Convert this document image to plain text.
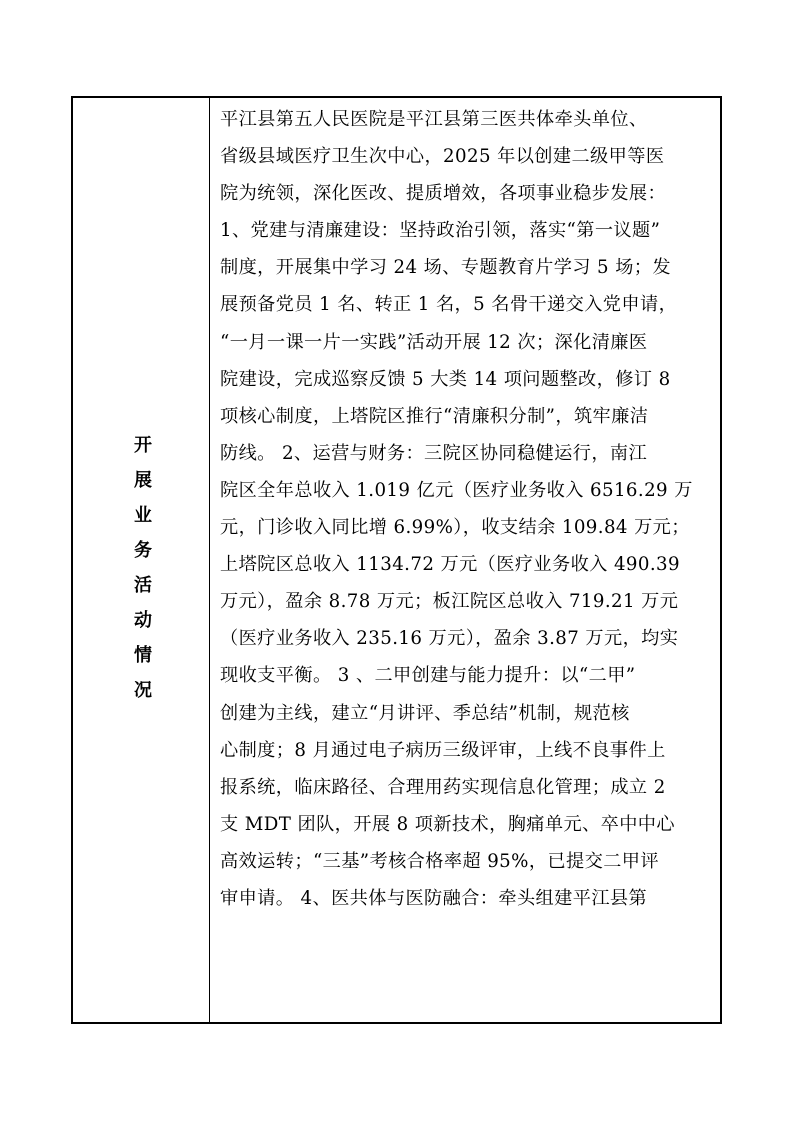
开展业务活动情况
平江县第五人民医院是平江县第三医共体牵头单位、
省级县域医疗卫生次中心，2025 年以创建二级甲等医
院为统领，深化医改、提质增效，各项事业稳步发展：
1、党建与清廉建设：坚持政治引领，落实“第一议题”
制度，开展集中学习 24 场、专题教育片学习 5 场；发
展预备党员 1 名、转正 1 名，5 名骨干递交入党申请，
“一月一课一片一实践”活动开展 12 次；深化清廉医
院建设，完成巡察反馈 5 大类 14 项问题整改，修订 8
项核心制度，上塔院区推行“清廉积分制”，筑牢廉洁
防线。 2、运营与财务：三院区协同稳健运行，南江
院区全年总收入 1.019 亿元（医疗业务收入 6516.29 万
元，门诊收入同比增 6.99%），收支结余 109.84 万元；
上塔院区总收入 1134.72 万元（医疗业务收入 490.39
万元），盈余 8.78 万元；板江院区总收入 719.21 万元
（医疗业务收入 235.16 万元），盈余 3.87 万元，均实
现收支平衡。 3 、二甲创建与能力提升：以“二甲”
创建为主线，建立“月讲评、季总结”机制，规范核
心制度；8 月通过电子病历三级评审，上线不良事件上
报系统，临床路径、合理用药实现信息化管理；成立 2
支 MDT 团队，开展 8 项新技术，胸痛单元、卒中中心
高效运转；“三基”考核合格率超 95%，已提交二甲评
审申请。 4、医共体与医防融合：牵头组建平江县第
